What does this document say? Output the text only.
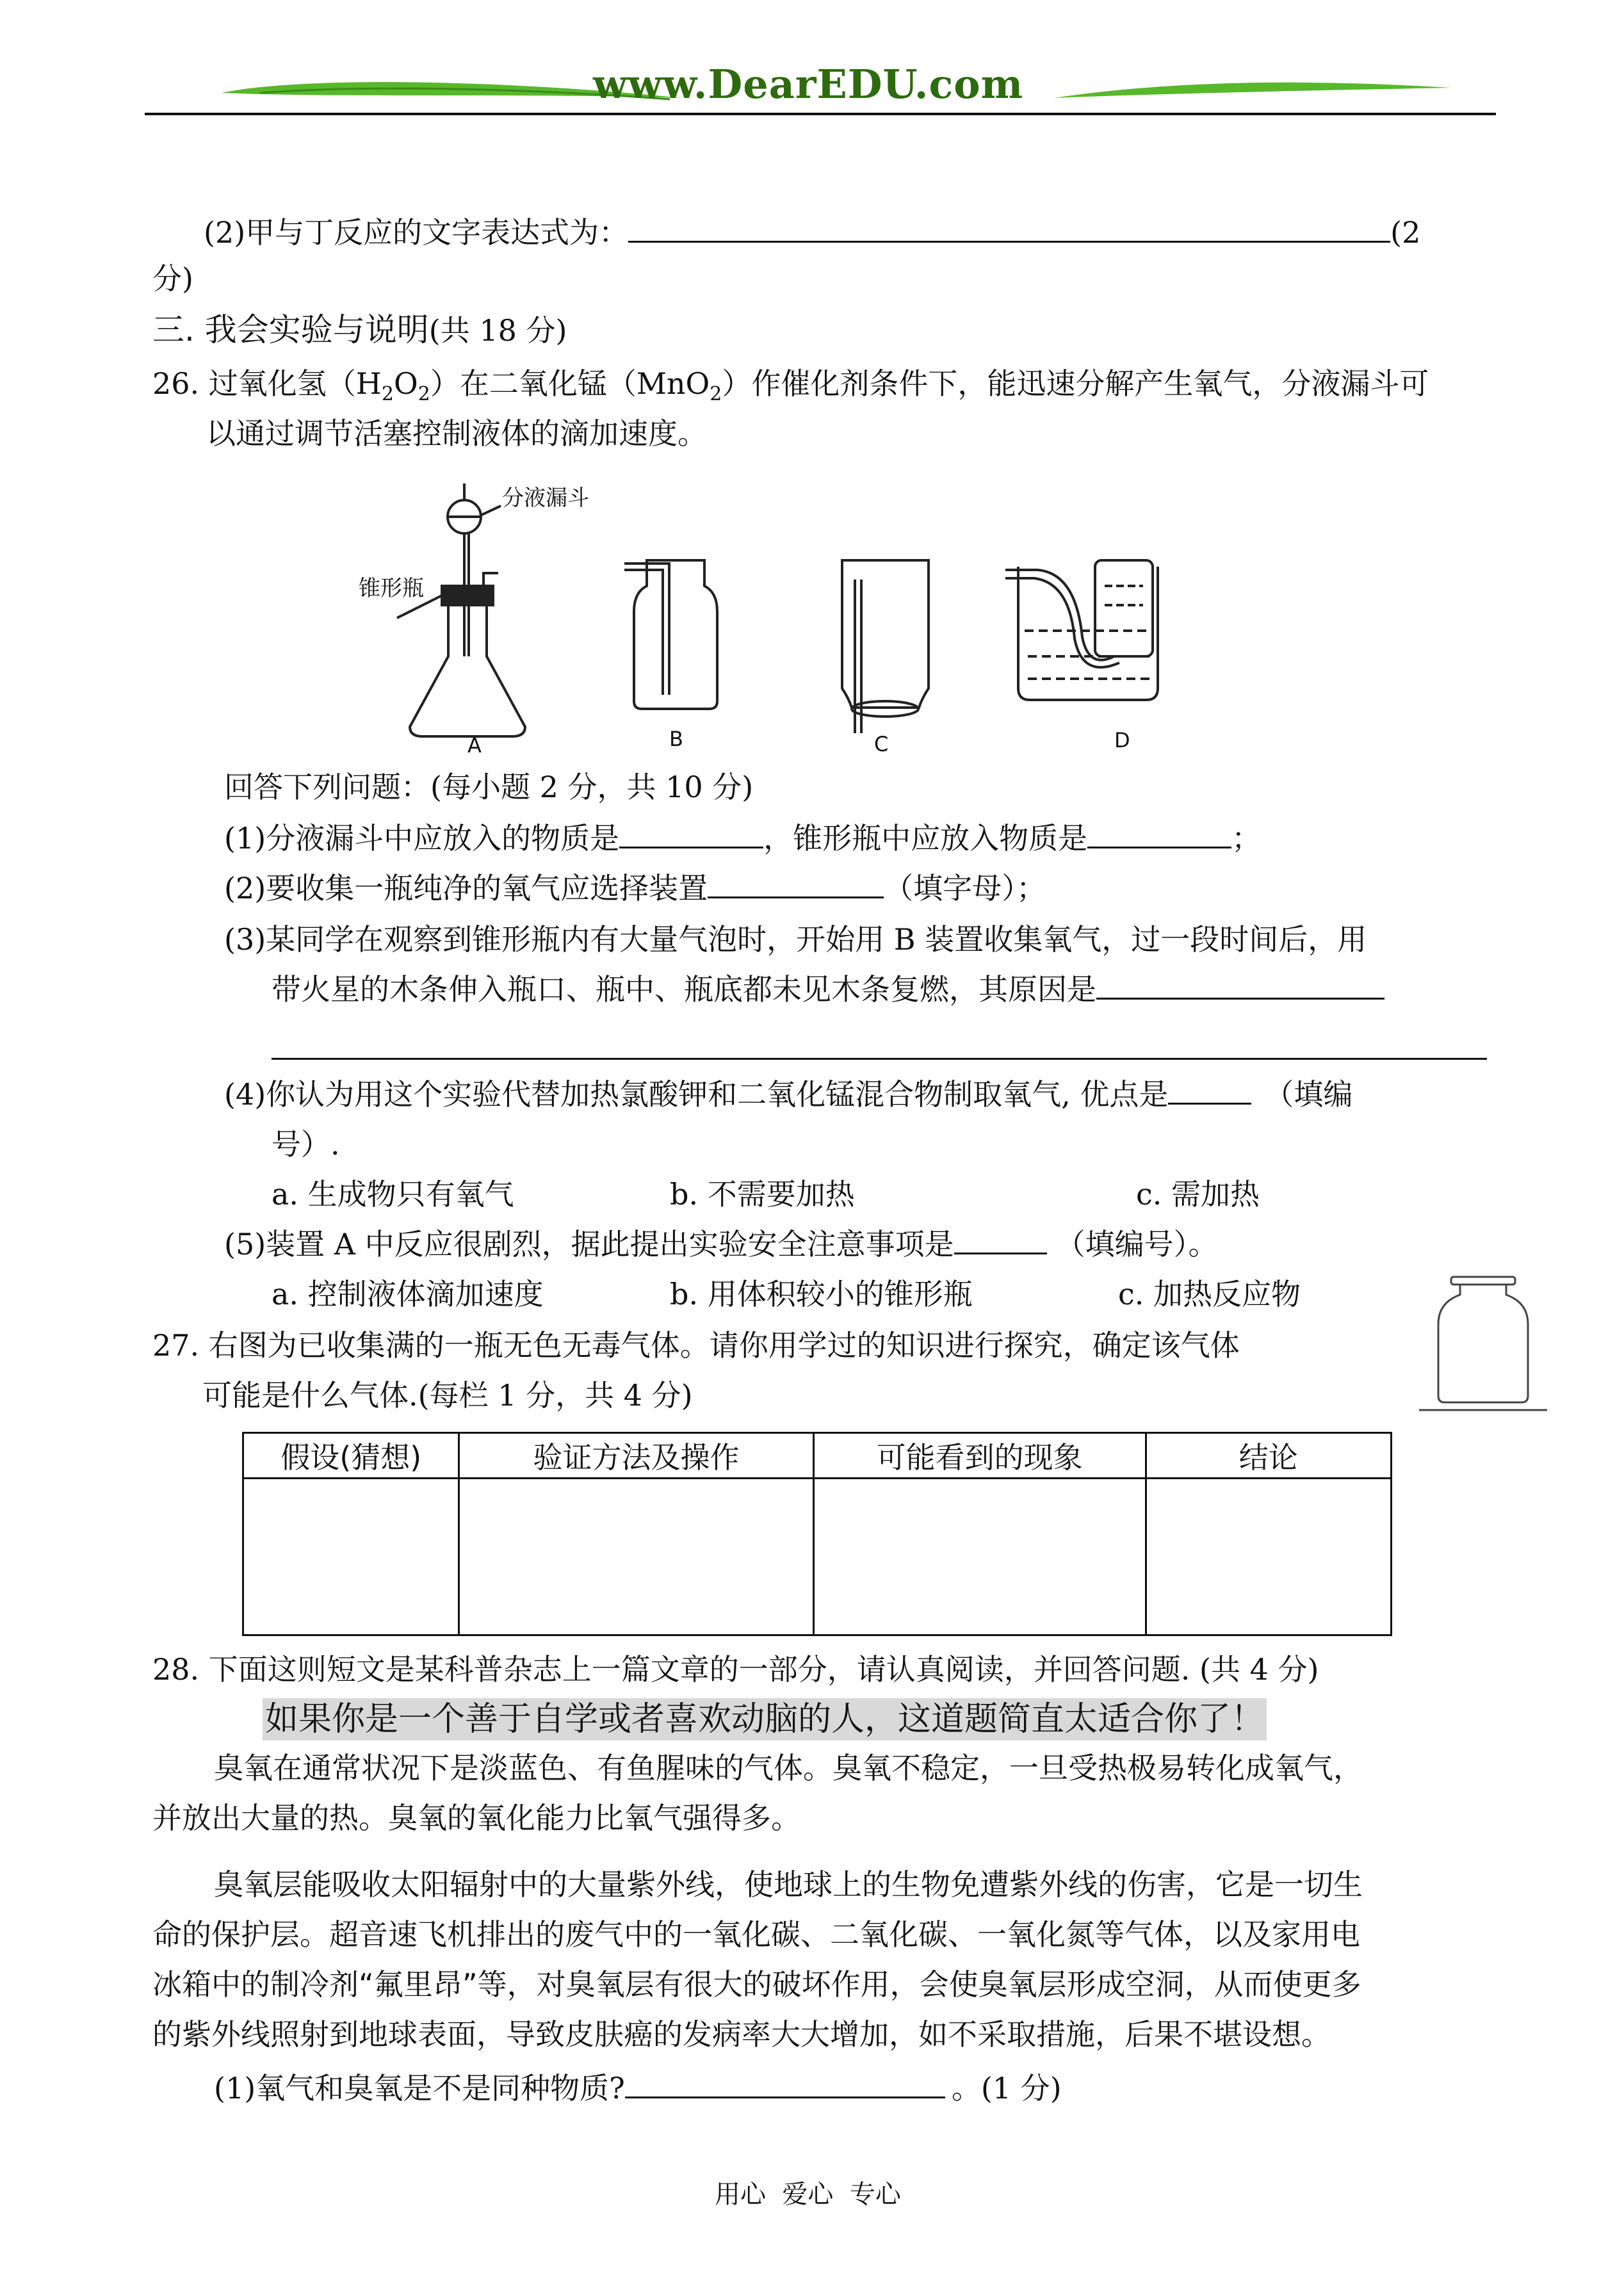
www.DearEDU.com
(2)甲与丁反应的文字表达式为：	(2
分)
三. 我会实验与说明(共 18 分)
26. 过氧化氢$(H_2O_2)$在二氧化锰（MnO$_2$）作催化剂条件下，能迅速分解产生氧气，分液漏斗可
以通过调节活塞控制液体的滴加速度。
分液漏斗
锥形瓶
A	B	C	D
回答下列问题：(每小题 2 分，共 10 分)
(1)分液漏斗中应放入的物质是	，锥形瓶中应放入物质是	；
(2)要收集一瓶纯净的氧气应选择装置	（填字母）；
(3)某同学在观察到锥形瓶内有大量气泡时，开始用 B 装置收集氧气，过一段时间后，用
带火星的木条伸入瓶口、瓶中、瓶底都未见木条复燃，其原因是
(4)你认为用这个实验代替加热氯酸钾和二氧化锰混合物制取氧气, 优点是	（填编
号）.
a. 生成物只有氧气	b. 不需要加热	c. 需加热
(5)装置 A 中反应很剧烈，据此提出实验安全注意事项是	（填编号）。
a. 控制液体滴加速度	b. 用体积较小的锥形瓶	c. 加热反应物
27. 右图为已收集满的一瓶无色无毒气体。请你用学过的知识进行探究，确定该气体
可能是什么气体.(每栏 1 分，共 4 分)
假设(猜想)	验证方法及操作	可能看到的现象	结论

28. 下面这则短文是某科普杂志上一篇文章的一部分，请认真阅读，并回答问题. (共 4 分)
如果你是一个善于自学或者喜欢动脑的人，这道题简直太适合你了！
臭氧在通常状况下是淡蓝色、有鱼腥味的气体。臭氧不稳定，一旦受热极易转化成氧气，
并放出大量的热。臭氧的氧化能力比氧气强得多。
臭氧层能吸收太阳辐射中的大量紫外线，使地球上的生物免遭紫外线的伤害，它是一切生
命的保护层。超音速飞机排出的废气中的一氧化碳、二氧化碳、一氧化氮等气体，以及家用电
冰箱中的制冷剂“氟里昂”等，对臭氧层有很大的破坏作用，会使臭氧层形成空洞，从而使更多
的紫外线照射到地球表面，导致皮肤癌的发病率大大增加，如不采取措施，后果不堪设想。
(1)氧气和臭氧是不是同种物质?	。(1 分)
用心  爱心  专心
